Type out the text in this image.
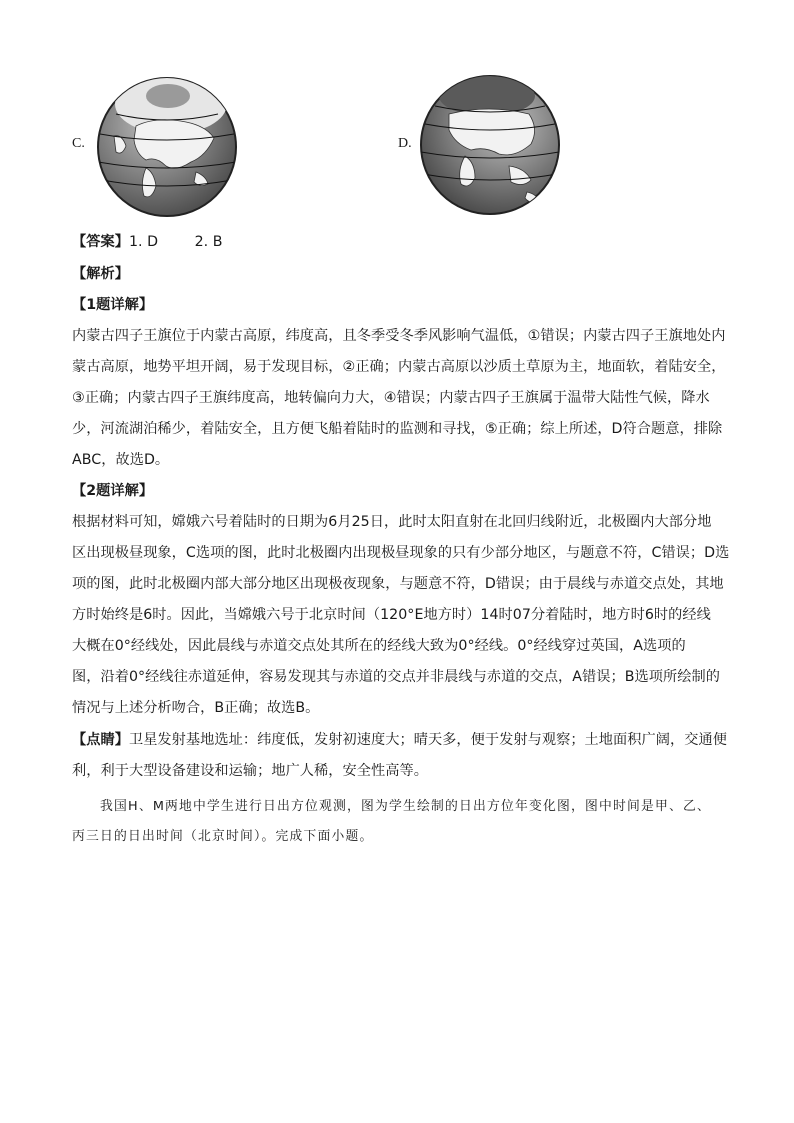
C.	D.
【答案】1. D        2. B
【解析】
【1题详解】
内蒙古四子王旗位于内蒙古高原，纬度高，且冬季受冬季风影响气温低，①错误；内蒙古四子王旗地处内
蒙古高原，地势平坦开阔，易于发现目标，②正确；内蒙古高原以沙质土草原为主，地面软，着陆安全，
③正确；内蒙古四子王旗纬度高，地转偏向力大，④错误；内蒙古四子王旗属于温带大陆性气候，降水
少，河流湖泊稀少，着陆安全，且方便飞船着陆时的监测和寻找，⑤正确；综上所述，D符合题意，排除
ABC，故选D。
【2题详解】
根据材料可知，嫦娥六号着陆时的日期为6月25日，此时太阳直射在北回归线附近，北极圈内大部分地
区出现极昼现象，C选项的图，此时北极圈内出现极昼现象的只有少部分地区，与题意不符，C错误；D选
项的图，此时北极圈内部大部分地区出现极夜现象，与题意不符，D错误；由于晨线与赤道交点处，其地
方时始终是6时。因此，当嫦娥六号于北京时间（120°E地方时）14时07分着陆时，地方时6时的经线
大概在0°经线处，因此晨线与赤道交点处其所在的经线大致为0°经线。0°经线穿过英国，A选项的
图，沿着0°经线往赤道延伸，容易发现其与赤道的交点并非晨线与赤道的交点，A错误；B选项所绘制的
情况与上述分析吻合，B正确；故选B。
【点睛】卫星发射基地选址：纬度低，发射初速度大；晴天多，便于发射与观察；土地面积广阔，交通便
利，利于大型设备建设和运输；地广人稀，安全性高等。
我国H、M两地中学生进行日出方位观测，图为学生绘制的日出方位年变化图，图中时间是甲、乙、
丙三日的日出时间（北京时间）。完成下面小题。
